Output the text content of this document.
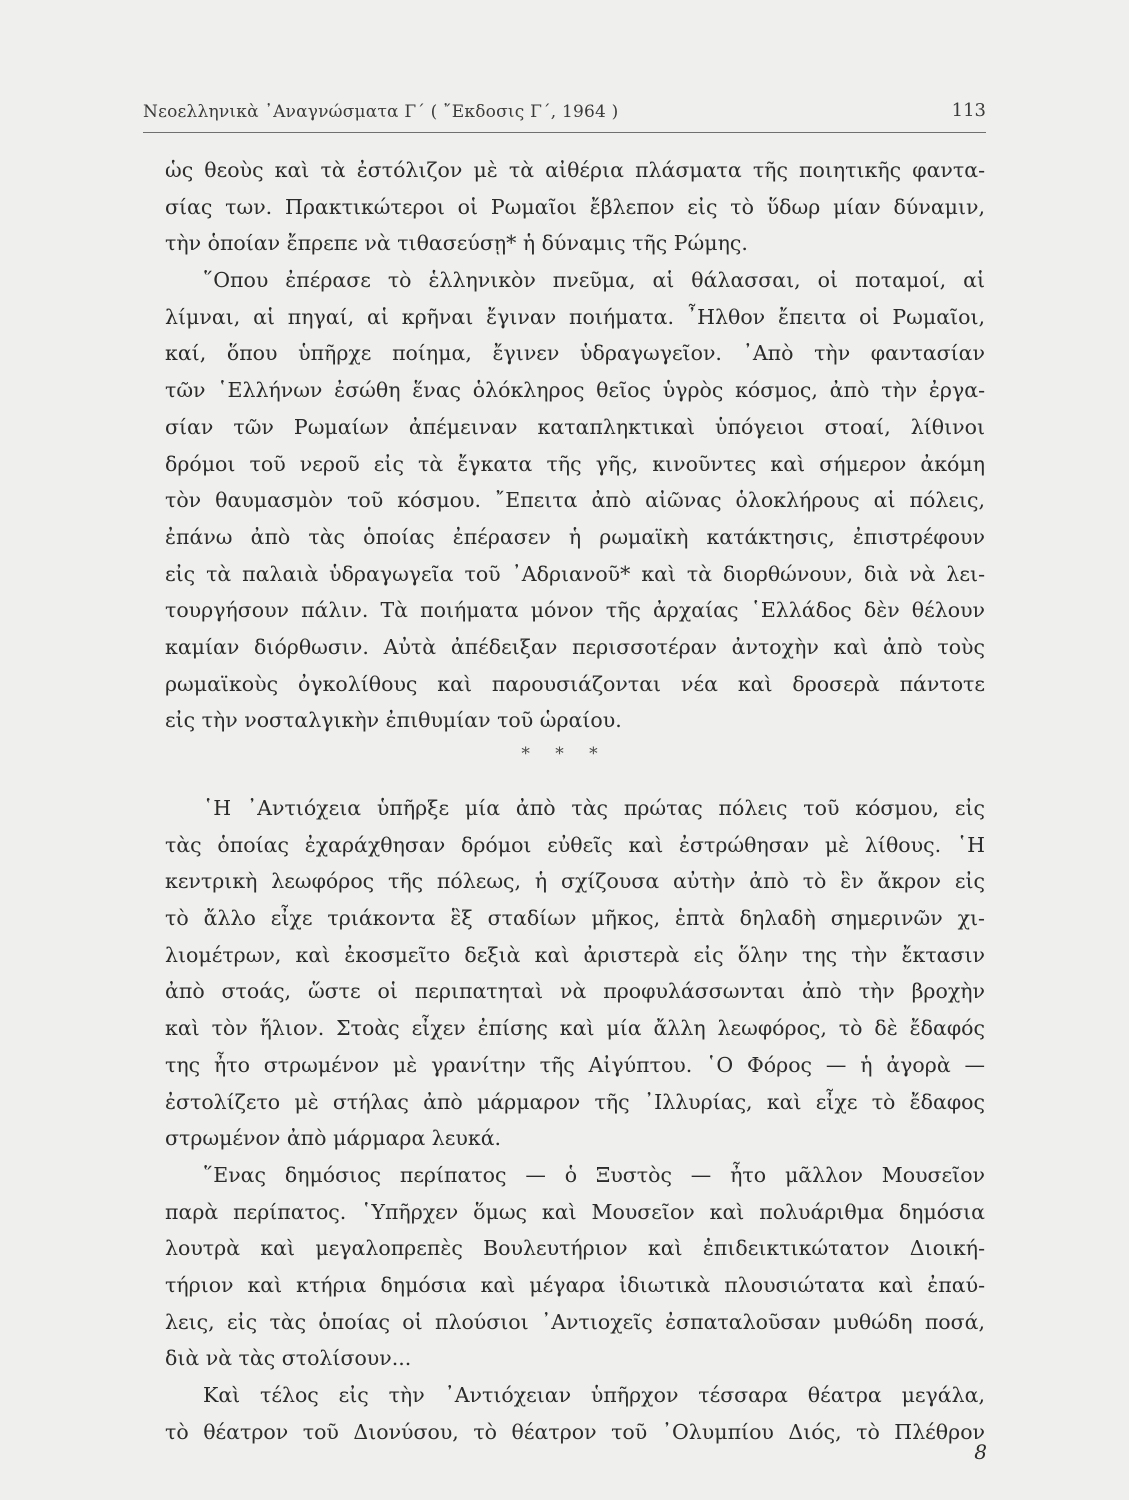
Νεοελληνικὰ ᾿Αναγνώσματα Γ΄ ( ῎Εκδοσις Γ΄, 1964 )	113
ὡς θεοὺς καὶ τὰ ἐστόλιζον μὲ τὰ αἰθέρια πλάσματα τῆς ποιητικῆς φαντα-
σίας των. Πρακτικώτεροι οἱ Ρωμαῖοι ἔβλεπον εἰς τὸ ὕδωρ μίαν δύναμιν,
τὴν ὁποίαν ἔπρεπε νὰ τιθασεύσῃ* ἡ δύναμις τῆς Ρώμης.
῞Οπου ἐπέρασε τὸ ἑλληνικὸν πνεῦμα, αἱ θάλασσαι, οἱ ποταμοί, αἱ
λίμναι, αἱ πηγαί, αἱ κρῆναι ἔγιναν ποιήματα. ῏Ηλθον ἔπειτα οἱ Ρωμαῖοι,
καί, ὅπου ὑπῆρχε ποίημα, ἔγινεν ὑδραγωγεῖον. ᾿Απὸ τὴν φαντασίαν
τῶν ῾Ελλήνων ἐσώθη ἕνας ὁλόκληρος θεῖος ὑγρὸς κόσμος, ἀπὸ τὴν ἐργα-
σίαν τῶν Ρωμαίων ἀπέμειναν καταπληκτικαὶ ὑπόγειοι στοαί, λίθινοι
δρόμοι τοῦ νεροῦ εἰς τὰ ἔγκατα τῆς γῆς, κινοῦντες καὶ σήμερον ἀκόμη
τὸν θαυμασμὸν τοῦ κόσμου. ῎Επειτα ἀπὸ αἰῶνας ὁλοκλήρους αἱ πόλεις,
ἐπάνω ἀπὸ τὰς ὁποίας ἐπέρασεν ἡ ρωμαϊκὴ κατάκτησις, ἐπιστρέφουν
εἰς τὰ παλαιὰ ὑδραγωγεῖα τοῦ ᾿Αδριανοῦ* καὶ τὰ διορθώνουν, διὰ νὰ λει-
τουργήσουν πάλιν. Τὰ ποιήματα μόνον τῆς ἀρχαίας ῾Ελλάδος δὲν θέλουν
καμίαν διόρθωσιν. Αὐτὰ ἀπέδειξαν περισσοτέραν ἀντοχὴν καὶ ἀπὸ τοὺς
ρωμαϊκοὺς ὀγκολίθους καὶ παρουσιάζονται νέα καὶ δροσερὰ πάντοτε
εἰς τὴν νοσταλγικὴν ἐπιθυμίαν τοῦ ὡραίου.
* * *
῾Η ᾿Αντιόχεια ὑπῆρξε μία ἀπὸ τὰς πρώτας πόλεις τοῦ κόσμου, εἰς
τὰς ὁποίας ἐχαράχθησαν δρόμοι εὐθεῖς καὶ ἐστρώθησαν μὲ λίθους. ῾Η
κεντρικὴ λεωφόρος τῆς πόλεως, ἡ σχίζουσα αὐτὴν ἀπὸ τὸ ἓν ἄκρον εἰς
τὸ ἄλλο εἶχε τριάκοντα ἓξ σταδίων μῆκος, ἑπτὰ δηλαδὴ σημερινῶν χι-
λιομέτρων, καὶ ἐκοσμεῖτο δεξιὰ καὶ ἀριστερὰ εἰς ὅλην της τὴν ἔκτασιν
ἀπὸ στοάς, ὥστε οἱ περιπατηταὶ νὰ προφυλάσσωνται ἀπὸ τὴν βροχὴν
καὶ τὸν ἥλιον. Στοὰς εἶχεν ἐπίσης καὶ μία ἄλλη λεωφόρος, τὸ δὲ ἔδαφός
της ἦτο στρωμένον μὲ γρανίτην τῆς Αἰγύπτου. ῾Ο Φόρος — ἡ ἀγορὰ —
ἐστολίζετο μὲ στήλας ἀπὸ μάρμαρον τῆς ᾿Ιλλυρίας, καὶ εἶχε τὸ ἔδαφος
στρωμένον ἀπὸ μάρμαρα λευκά.
῞Ενας δημόσιος περίπατος — ὁ Ξυστὸς — ἦτο μᾶλλον Μουσεῖον
παρὰ περίπατος. ῾Υπῆρχεν ὅμως καὶ Μουσεῖον καὶ πολυάριθμα δημόσια
λουτρὰ καὶ μεγαλοπρεπὲς Βουλευτήριον καὶ ἐπιδεικτικώτατον Διοική-
τήριον καὶ κτήρια δημόσια καὶ μέγαρα ἰδιωτικὰ πλουσιώτατα καὶ ἐπαύ-
λεις, εἰς τὰς ὁποίας οἱ πλούσιοι ᾿Αντιοχεῖς ἐσπαταλοῦσαν μυθώδη ποσά,
διὰ νὰ τὰς στολίσουν...
Καὶ τέλος εἰς τὴν ᾿Αντιόχειαν ὑπῆρχον τέσσαρα θέατρα μεγάλα,
τὸ θέατρον τοῦ Διονύσου, τὸ θέατρον τοῦ ᾿Ολυμπίου Διός, τὸ Πλέθρον
8
